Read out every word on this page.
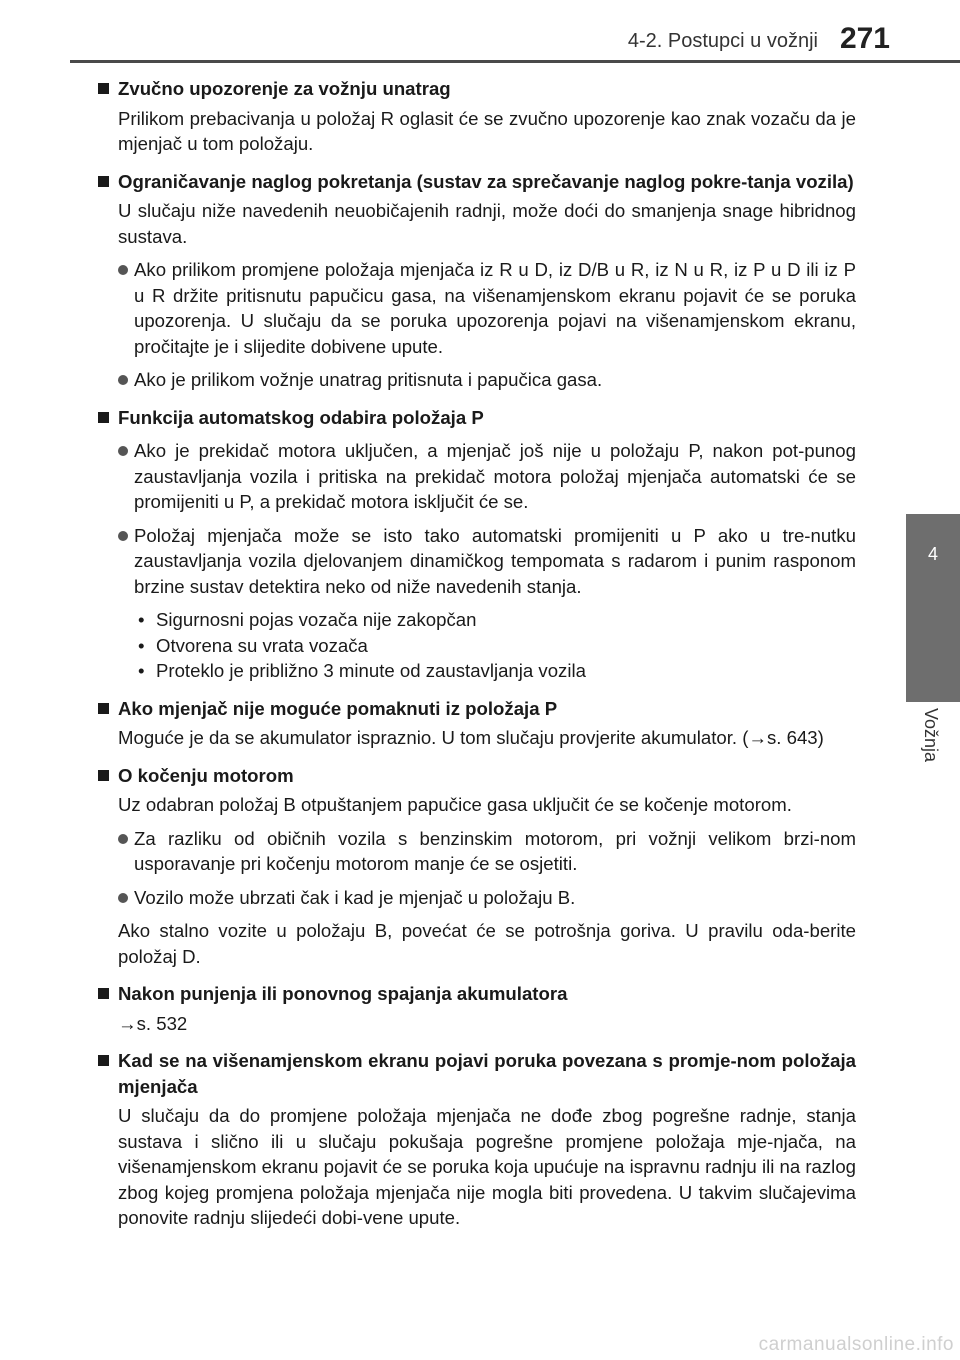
4-2. Postupci u vožnji 271
4
Vožnja
Zvučno upozorenje za vožnju unatrag
Prilikom prebacivanja u položaj R oglasit će se zvučno upozorenje kao znak vozaču da je mjenjač u tom položaju.
Ograničavanje naglog pokretanja (sustav za sprečavanje naglog pokre-tanja vozila)
U slučaju niže navedenih neuobičajenih radnji, može doći do smanjenja snage hibridnog sustava.
Ako prilikom promjene položaja mjenjača iz R u D, iz D/B u R, iz N u R, iz P u D ili iz P u R držite pritisnutu papučicu gasa, na višenamjenskom ekranu pojavit će se poruka upozorenja. U slučaju da se poruka upozorenja pojavi na višenamjenskom ekranu, pročitajte je i slijedite dobivene upute.
Ako je prilikom vožnje unatrag pritisnuta i papučica gasa.
Funkcija automatskog odabira položaja P
Ako je prekidač motora uključen, a mjenjač još nije u položaju P, nakon pot-punog zaustavljanja vozila i pritiska na prekidač motora položaj mjenjača automatski će se promijeniti u P, a prekidač motora isključit će se.
Položaj mjenjača može se isto tako automatski promijeniti u P ako u tre-nutku zaustavljanja vozila djelovanjem dinamičkog tempomata s radarom i punim rasponom brzine sustav detektira neko od niže navedenih stanja.
• Sigurnosni pojas vozača nije zakopčan
• Otvorena su vrata vozača
• Proteklo je približno 3 minute od zaustavljanja vozila
Ako mjenjač nije moguće pomaknuti iz položaja P
Moguće je da se akumulator ispraznio. U tom slučaju provjerite akumulator. (→s. 643)
O kočenju motorom
Uz odabran položaj B otpuštanjem papučice gasa uključit će se kočenje motorom.
Za razliku od običnih vozila s benzinskim motorom, pri vožnji velikom brzi-nom usporavanje pri kočenju motorom manje će se osjetiti.
Vozilo može ubrzati čak i kad je mjenjač u položaju B.
Ako stalno vozite u položaju B, povećat će se potrošnja goriva. U pravilu oda-berite položaj D.
Nakon punjenja ili ponovnog spajanja akumulatora
→s. 532
Kad se na višenamjenskom ekranu pojavi poruka povezana s promje-nom položaja mjenjača
U slučaju da do promjene položaja mjenjača ne dođe zbog pogrešne radnje, stanja sustava i slično ili u slučaju pokušaja pogrešne promjene položaja mje-njača, na višenamjenskom ekranu pojavit će se poruka koja upućuje na ispravnu radnju ili na razlog zbog kojeg promjena položaja mjenjača nije mogla biti provedena. U takvim slučajevima ponovite radnju slijedeći dobi-vene upute.
carmanualsonline.info
